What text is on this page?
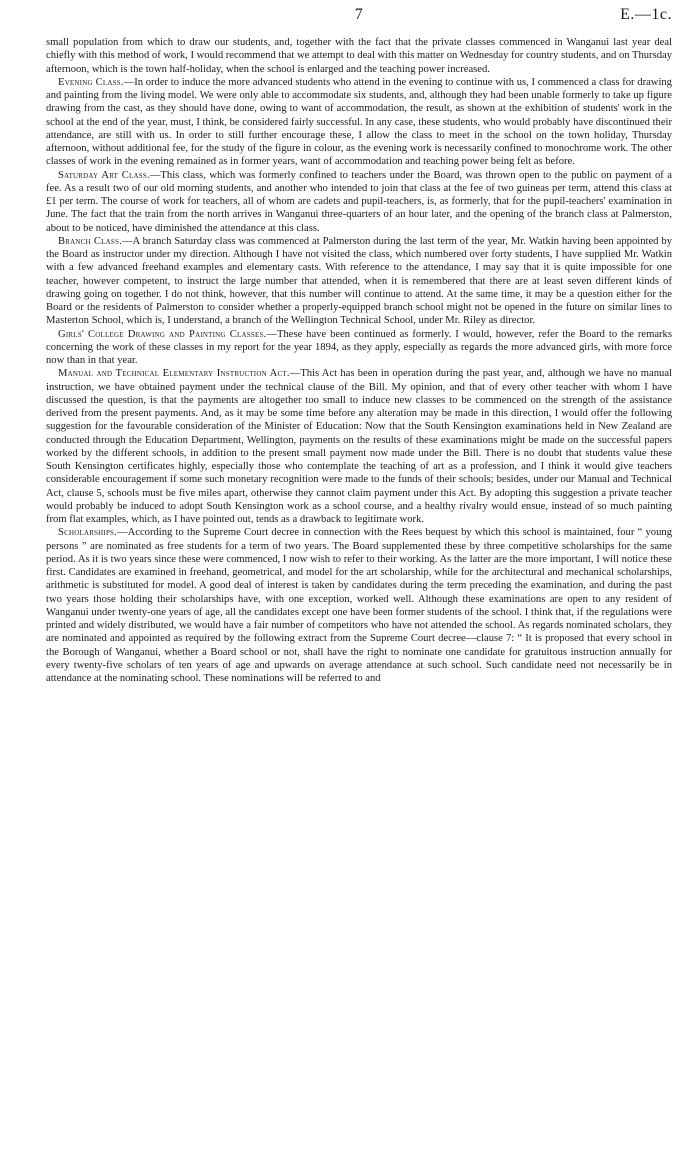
7	E.—1c.

small population from which to draw our students, and, together with the fact that the private classes commenced in Wanganui last year deal chiefly with this method of work, I would recommend that we attempt to deal with this matter on Wednesday for country students, and on Thursday afternoon, which is the town half-holiday, when the school is enlarged and the teaching power increased.

Evening Class.—In order to induce the more advanced students who attend in the evening to continue with us, I commenced a class for drawing and painting from the living model. We were only able to accommodate six students, and, although they had been unable formerly to take up figure drawing from the cast, as they should have done, owing to want of accommodation, the result, as shown at the exhibition of students' work in the school at the end of the year, must, I think, be considered fairly successful. In any case, these students, who would probably have discontinued their attendance, are still with us. In order to still further encourage these, I allow the class to meet in the school on the town holiday, Thursday afternoon, without additional fee, for the study of the figure in colour, as the evening work is necessarily confined to monochrome work. The other classes of work in the evening remained as in former years, want of accommodation and teaching power being felt as before.

Saturday Art Class.—This class, which was formerly confined to teachers under the Board, was thrown open to the public on payment of a fee. As a result two of our old morning students, and another who intended to join that class at the fee of two guineas per term, attend this class at £1 per term. The course of work for teachers, all of whom are cadets and pupil-teachers, is, as formerly, that for the pupil-teachers' examination in June. The fact that the train from the north arrives in Wanganui three-quarters of an hour later, and the opening of the branch class at Palmerston, about to be noticed, have diminished the attendance at this class.

Branch Class.—A branch Saturday class was commenced at Palmerston during the last term of the year, Mr. Watkin having been appointed by the Board as instructor under my direction. Although I have not visited the class, which numbered over forty students, I have supplied Mr. Watkin with a few advanced freehand examples and elementary casts. With reference to the attendance, I may say that it is quite impossible for one teacher, however competent, to instruct the large number that attended, when it is remembered that there are at least seven different kinds of drawing going on together. I do not think, however, that this number will continue to attend. At the same time, it may be a question either for the Board or the residents of Palmerston to consider whether a properly-equipped branch school might not be opened in the future on similar lines to Masterton School, which is, I understand, a branch of the Wellington Technical School, under Mr. Riley as director.

Girls' College Drawing and Painting Classes.—These have been continued as formerly. I would, however, refer the Board to the remarks concerning the work of these classes in my report for the year 1894, as they apply, especially as regards the more advanced girls, with more force now than in that year.

Manual and Technical Elementary Instruction Act.—This Act has been in operation during the past year, and, although we have no manual instruction, we have obtained payment under the technical clause of the Bill. My opinion, and that of every other teacher with whom I have discussed the question, is that the payments are altogether too small to induce new classes to be commenced on the strength of the assistance derived from the present payments. And, as it may be some time before any alteration may be made in this direction, I would offer the following suggestion for the favourable consideration of the Minister of Education: Now that the South Kensington examinations held in New Zealand are conducted through the Education Department, Wellington, payments on the results of these examinations might be made on the successful papers worked by the different schools, in addition to the present small payment now made under the Bill. There is no doubt that students value these South Kensington certificates highly, especially those who contemplate the teaching of art as a profession, and I think it would give teachers considerable encouragement if some such monetary recognition were made to the funds of their schools; besides, under our Manual and Technical Act, clause 5, schools must be five miles apart, otherwise they cannot claim payment under this Act. By adopting this suggestion a private teacher would probably be induced to adopt South Kensington work as a school course, and a healthy rivalry would ensue, instead of so much painting from flat examples, which, as I have pointed out, tends as a drawback to legitimate work.

Scholarships.—According to the Supreme Court decree in connection with the Rees bequest by which this school is maintained, four “ young persons ” are nominated as free students for a term of two years. The Board supplemented these by three competitive scholarships for the same period. As it is two years since these were commenced, I now wish to refer to their working. As the latter are the more important, I will notice these first. Candidates are examined in freehand, geometrical, and model for the art scholarship, while for the architectural and mechanical scholarships, arithmetic is substituted for model. A good deal of interest is taken by candidates during the term preceding the examination, and during the past two years those holding their scholarships have, with one exception, worked well. Although these examinations are open to any resident of Wanganui under twenty-one years of age, all the candidates except one have been former students of the school. I think that, if the regulations were printed and widely distributed, we would have a fair number of competitors who have not attended the school. As regards nominated scholars, they are nominated and appointed as required by the following extract from the Supreme Court decree—clause 7: “ It is proposed that every school in the Borough of Wanganui, whether a Board school or not, shall have the right to nominate one candidate for gratuitous instruction annually for every twenty-five scholars of ten years of age and upwards on average attendance at such school. Such candidate need not necessarily be in attendance at the nominating school. These nominations will be referred to and
